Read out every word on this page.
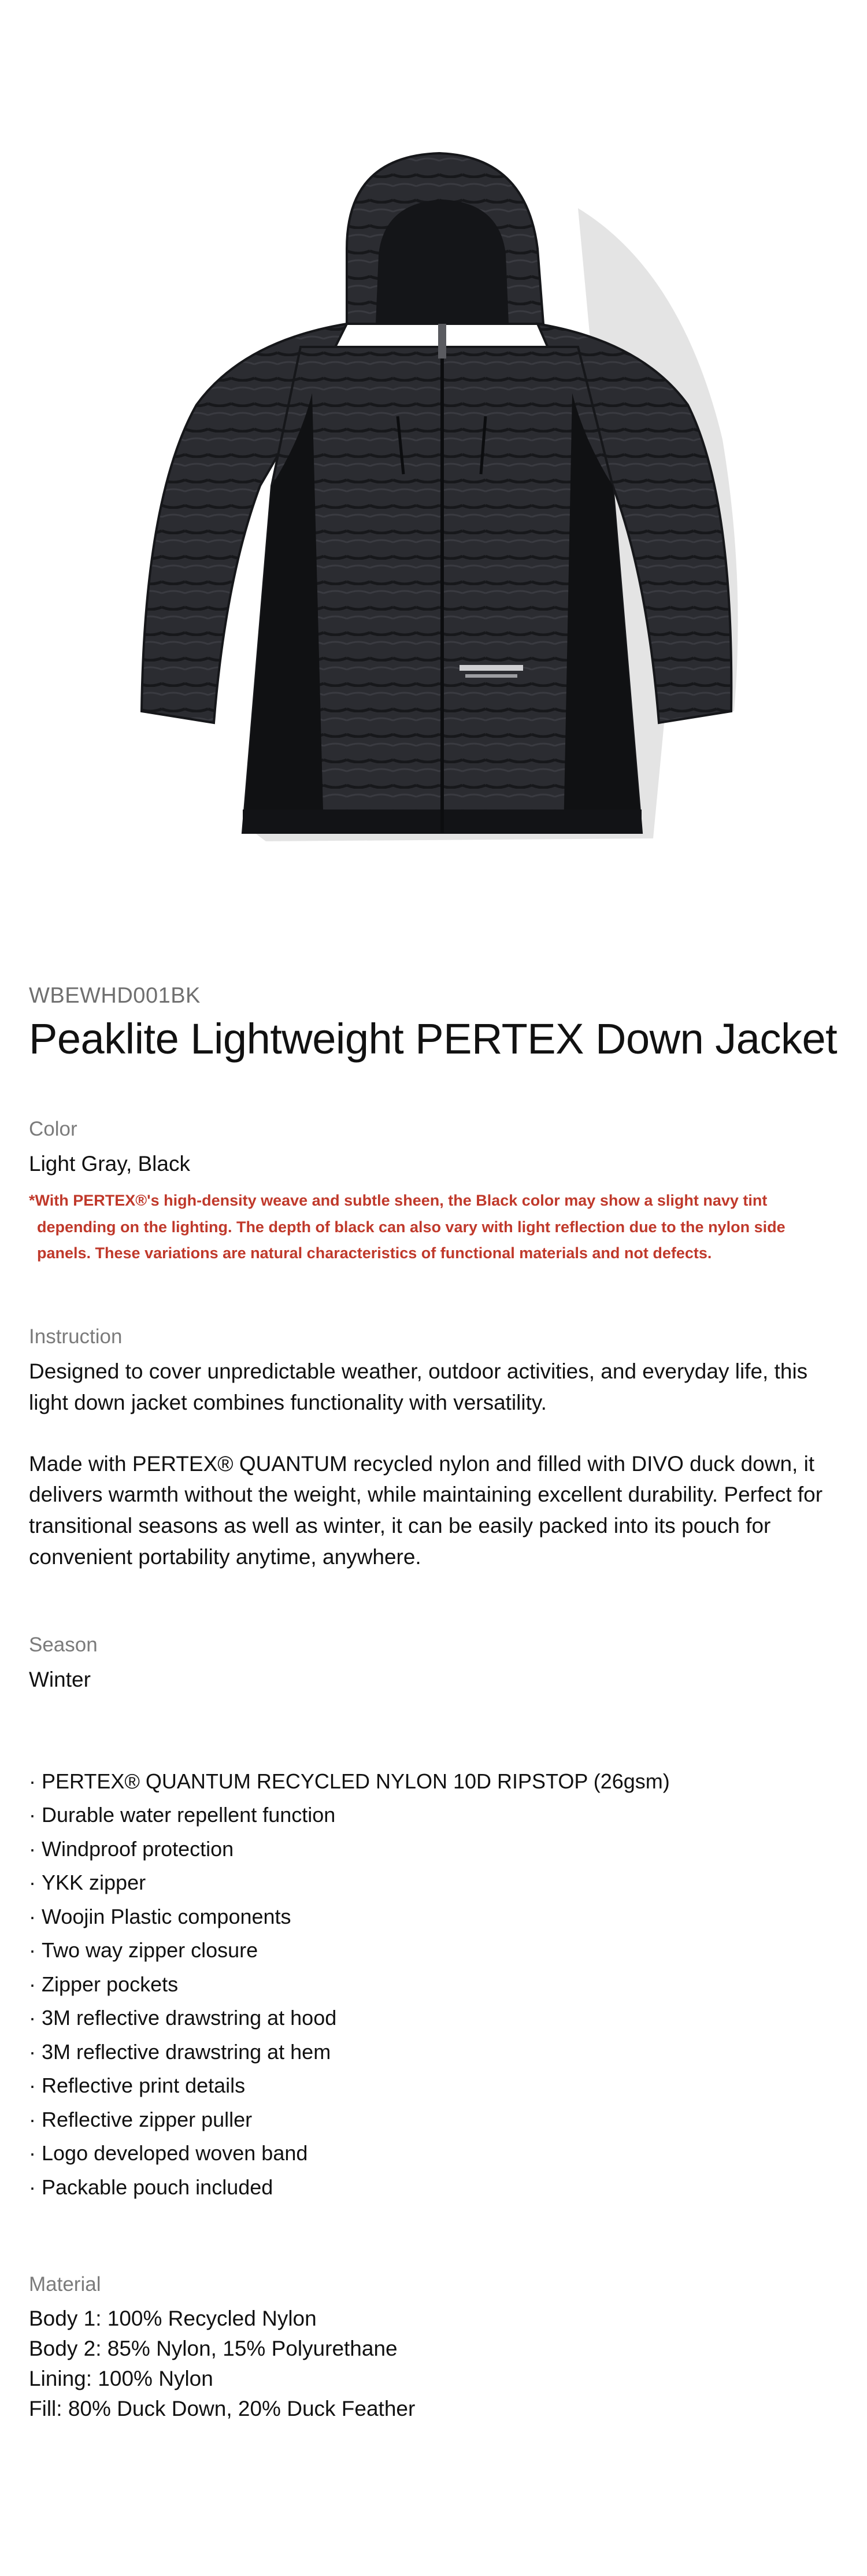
WBEWHD001BK
Peaklite Lightweight PERTEX Down Jacket
Color
Light Gray, Black
*With PERTEX®'s high-density weave and subtle sheen, the Black color may show a slight navy tint
depending on the lighting. The depth of black can also vary with light reflection due to the nylon side
panels. These variations are natural characteristics of functional materials and not defects.
Instruction
Designed to cover unpredictable weather, outdoor activities, and everyday life, this light down jacket combines functionality with versatility.
Made with PERTEX® QUANTUM recycled nylon and filled with DIVO duck down, it delivers warmth without the weight, while maintaining excellent durability. Perfect for transitional seasons as well as winter, it can be easily packed into its pouch for convenient portability anytime, anywhere.
Season
Winter
· PERTEX® QUANTUM RECYCLED NYLON 10D RIPSTOP (26gsm)
· Durable water repellent function
· Windproof protection
· YKK zipper
· Woojin Plastic components
· Two way zipper closure
· Zipper pockets
· 3M reflective drawstring at hood
· 3M reflective drawstring at hem
· Reflective print details
· Reflective zipper puller
· Logo developed woven band
· Packable pouch included
Material
Body 1: 100% Recycled Nylon
Body 2: 85% Nylon, 15% Polyurethane
Lining: 100% Nylon
Fill: 80% Duck Down, 20% Duck Feather
